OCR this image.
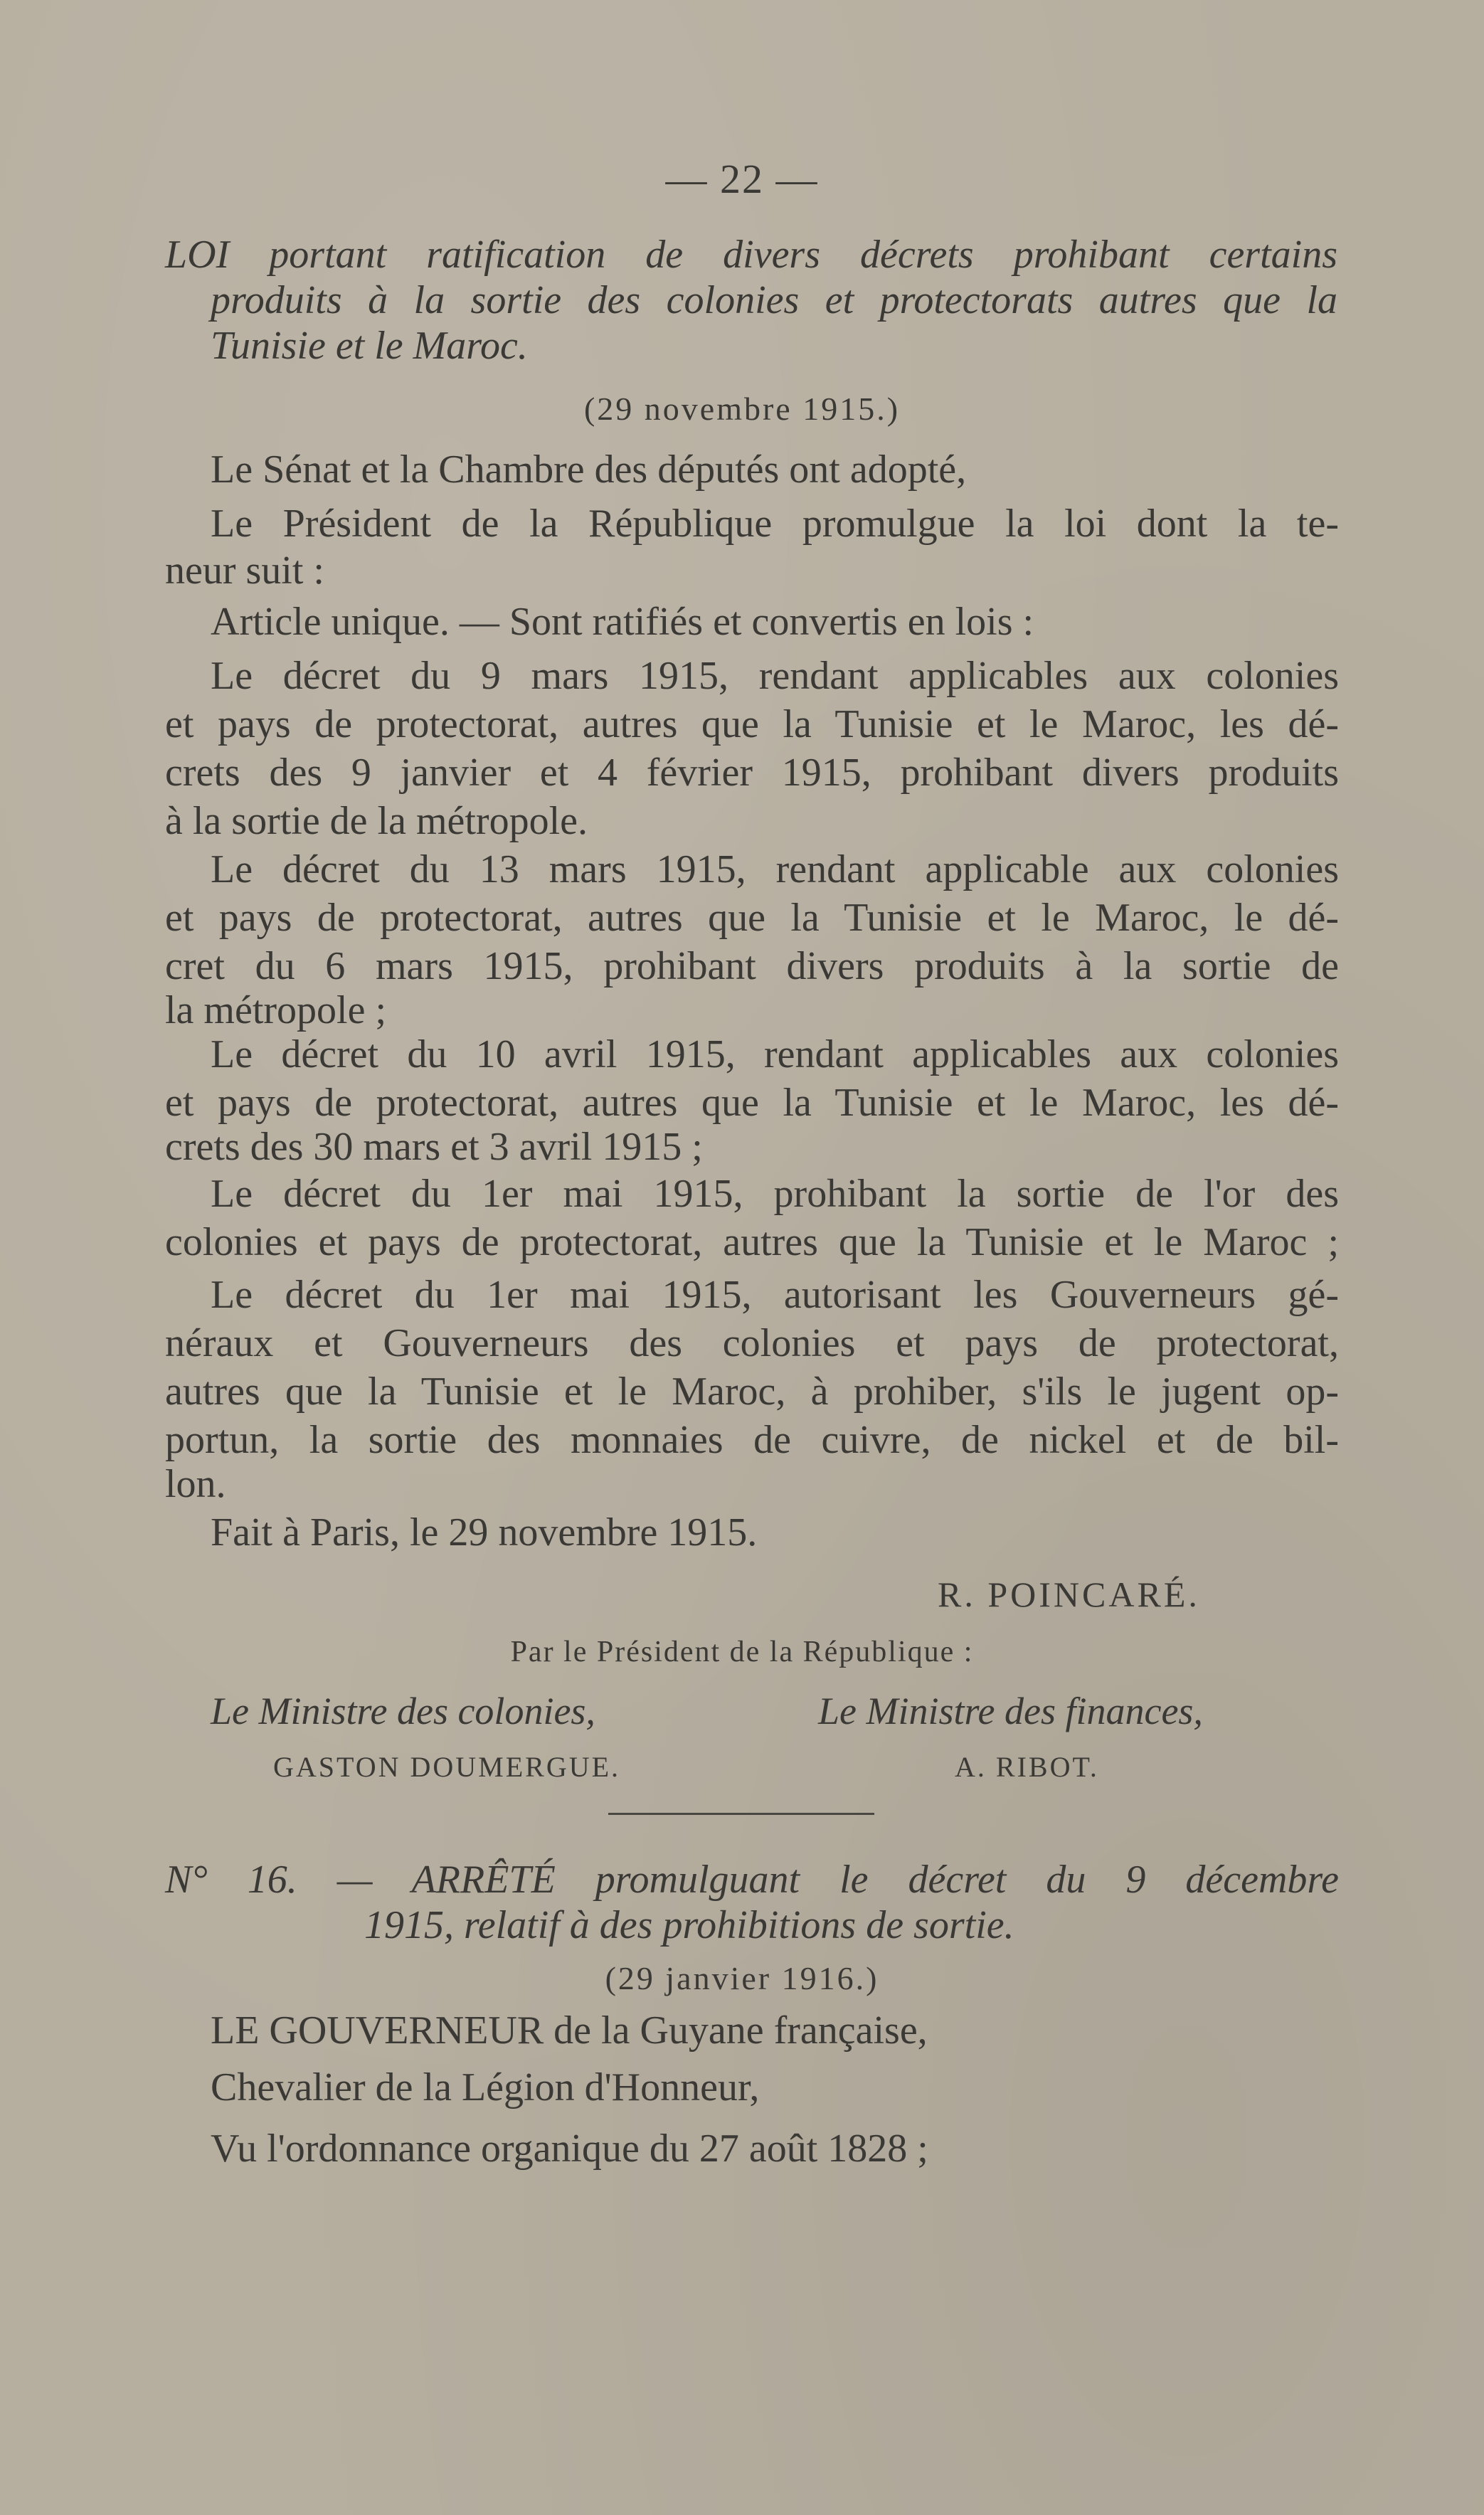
— 22 —
LOI portant ratification de divers décrets prohibant certains
produits à la sortie des colonies et protectorats autres que la
Tunisie et le Maroc.
(29 novembre 1915.)
Le Sénat et la Chambre des députés ont adopté,
Le Président de la République promulgue la loi dont la te-
neur suit :
Article unique. — Sont ratifiés et convertis en lois :
Le décret du 9 mars 1915, rendant applicables aux colonies
et pays de protectorat, autres que la Tunisie et le Maroc, les dé-
crets des 9 janvier et 4 février 1915, prohibant divers produits
à la sortie de la métropole.
Le décret du 13 mars 1915, rendant applicable aux colonies
et pays de protectorat, autres que la Tunisie et le Maroc, le dé-
cret du 6 mars 1915, prohibant divers produits à la sortie de
la métropole ;
Le décret du 10 avril 1915, rendant applicables aux colonies
et pays de protectorat, autres que la Tunisie et le Maroc, les dé-
crets des 30 mars et 3 avril 1915 ;
Le décret du 1er mai 1915, prohibant la sortie de l'or des
colonies et pays de protectorat, autres que la Tunisie et le Maroc ;
Le décret du 1er mai 1915, autorisant les Gouverneurs gé-
néraux et Gouverneurs des colonies et pays de protectorat,
autres que la Tunisie et le Maroc, à prohiber, s'ils le jugent op-
portun, la sortie des monnaies de cuivre, de nickel et de bil-
lon.
Fait à Paris, le 29 novembre 1915.
R. POINCARÉ.
Par le Président de la République :
Le Ministre des colonies,	Le Ministre des finances,
GASTON DOUMERGUE.	A. RIBOT.
N° 16. — ARRÊTÉ promulguant le décret du 9 décembre
1915, relatif à des prohibitions de sortie.
(29 janvier 1916.)
LE GOUVERNEUR de la Guyane française,
Chevalier de la Légion d'Honneur,
Vu l'ordonnance organique du 27 août 1828 ;
